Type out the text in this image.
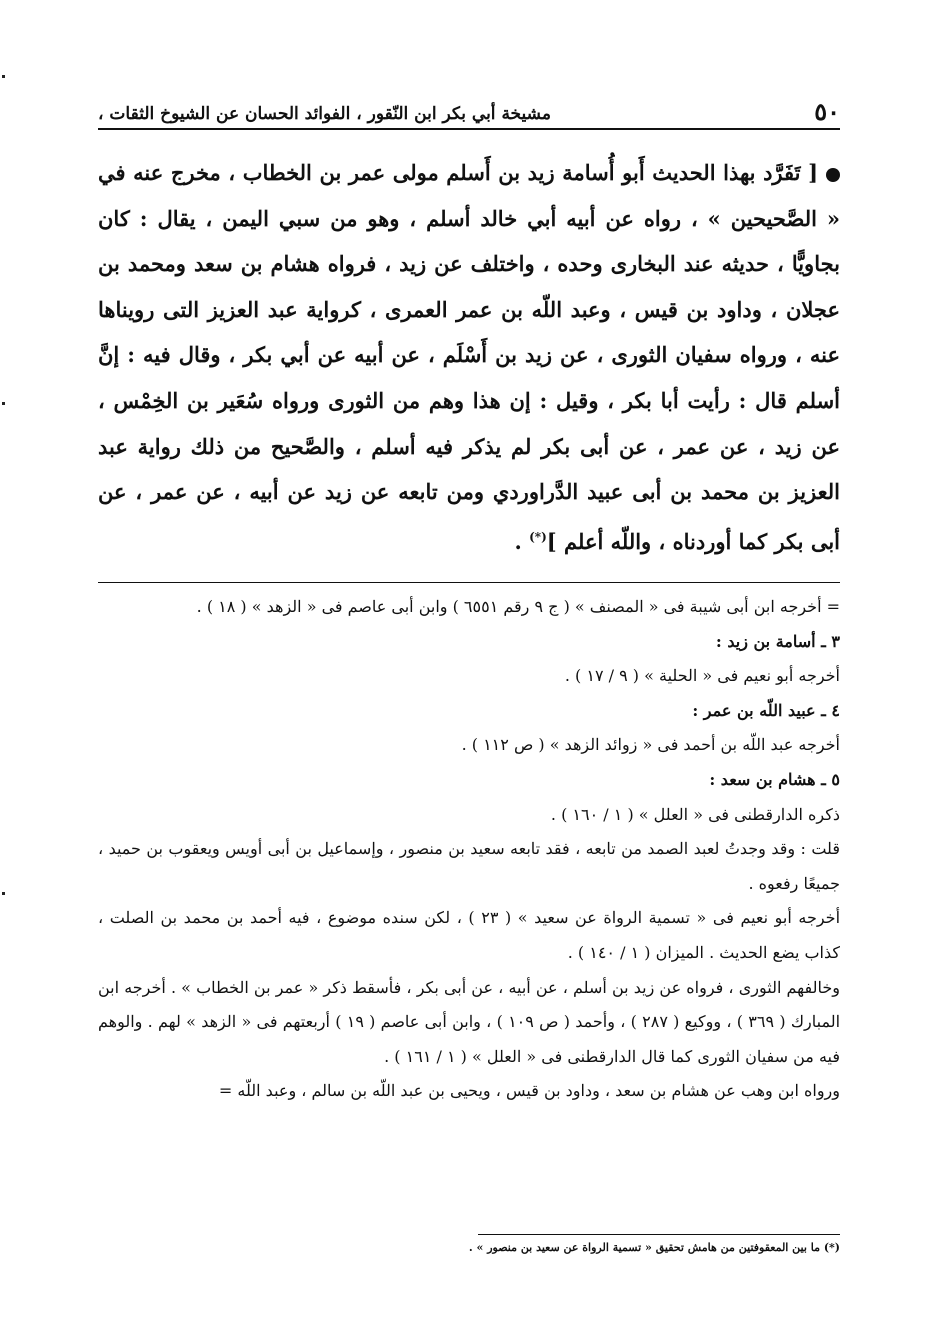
٥٠
مشيخة أبي بكر ابن النّقور ، الفوائد الحسان عن الشيوخ الثقات ،
[ تَفَرَّد بهذا الحديث أَبو أُسامة زيد بن أَسلم مولى عمر بن الخطاب ، مخرج عنه في « الصَّحيحين » ، رواه عن أبيه أبي خالد أسلم ، وهو من سبي اليمن ، يقال : كان بجاويًّا ، حديثه عند البخارى وحده ، واختلف عن زيد ، فرواه هشام بن سعد ومحمد بن عجلان ، وداود بن قيس ، وعبد اللّه بن عمر العمرى ، كرواية عبد العزيز التى رويناها عنه ، ورواه سفيان الثورى ، عن زيد بن أَسْلَم ، عن أبيه عن أبي بكر ، وقال فيه : إنَّ أسلم قال : رأيت أبا بكر ، وقيل : إن هذا وهم من الثورى ورواه سُعَير بن الخِمْس ، عن زيد ، عن عمر ، عن أبى بكر لم يذكر فيه أسلم ، والصَّحيح من ذلك رواية عبد العزيز بن محمد بن أبى عبيد الدَّراوردي ومن تابعه عن زيد عن أبيه ، عن عمر ، عن أبى بكر كما أوردناه ، واللّه أعلم ](*) .

= أخرجه ابن أبى شيبة فى « المصنف » ( ج ٩ رقم ٦٥٥١ ) وابن أبى عاصم فى « الزهد » ( ١٨ ) .

٣ ـ أسامة بن زيد :

أخرجه أبو نعيم فى « الحلية » ( ٩ / ١٧ ) .

٤ ـ عبيد اللّه بن عمر :

أخرجه عبد اللّه بن أحمد فى « زوائد الزهد » ( ص ١١٢ ) .

٥ ـ هشام بن سعد :

ذكره الدارقطنى فى « العلل » ( ١ / ١٦٠ ) .

قلت : وقد وجدتُ لعبد الصمد من تابعه ، فقد تابعه سعيد بن منصور ، وإسماعيل بن أبى أويس ويعقوب بن حميد ، جميعًا رفعوه .

أخرجه أبو نعيم فى « تسمية الرواة عن سعيد » ( ٢٣ ) ، لكن سنده موضوع ، فيه أحمد بن محمد بن الصلت ، كذاب يضع الحديث . الميزان ( ١ / ١٤٠ ) .

وخالفهم الثورى ، فرواه عن زيد بن أسلم ، عن أبيه ، عن أبى بكر ، فأسقط ذكر « عمر بن الخطاب » . أخرجه ابن المبارك ( ٣٦٩ ) ، ووكيع ( ٢٨٧ ) ، وأحمد ( ص ١٠٩ ) ، وابن أبى عاصم ( ١٩ ) أربعتهم فى « الزهد » لهم . والوهم فيه من سفيان الثورى كما قال الدارقطنى فى « العلل » ( ١ / ١٦١ ) .

ورواه ابن وهب عن هشام بن سعد ، وداود بن قيس ، ويحيى بن عبد اللّه بن سالم ، وعبد اللّه =

(*) ما بين المعقوفتين من هامش تحقيق « تسمية الرواة عن سعيد بن منصور » .
